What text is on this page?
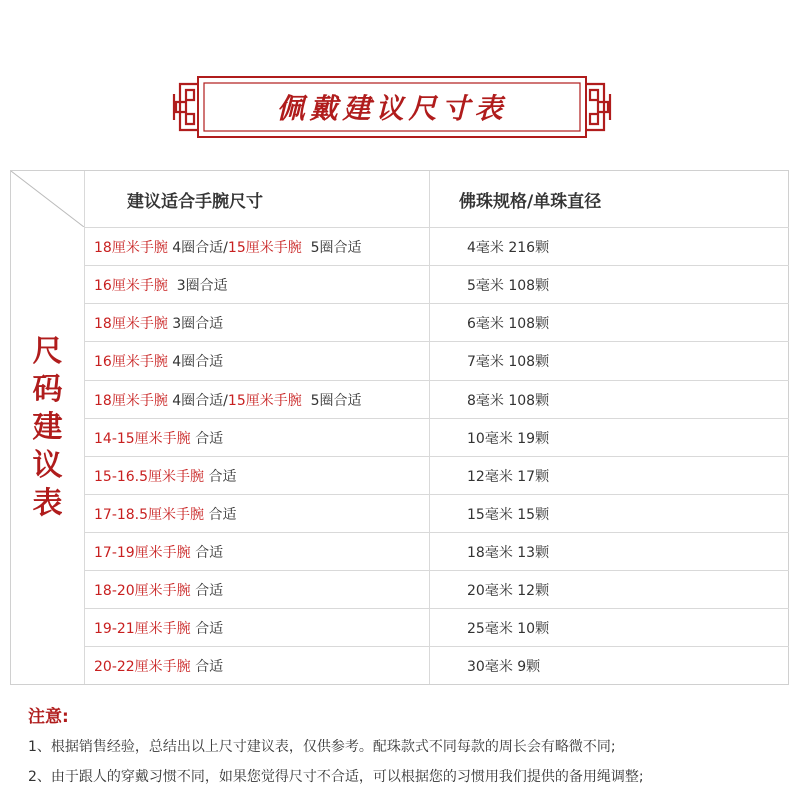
佩戴建议尺寸表
尺
码
建
议
表
建议适合手腕尺寸	佛珠规格/单珠直径
18厘米手腕 4圈合适/ 15厘米手腕 5圈合适	4毫米 216颗
16厘米手腕 3圈合适	5毫米 108颗
18厘米手腕 3圈合适	6毫米 108颗
16厘米手腕 4圈合适	7毫米 108颗
18厘米手腕 4圈合适/ 15厘米手腕 5圈合适	8毫米 108颗
14-15厘米手腕 合适	10毫米 19颗
15-16.5厘米手腕 合适	12毫米 17颗
17-18.5厘米手腕 合适	15毫米 15颗
17-19厘米手腕 合适	18毫米 13颗
18-20厘米手腕 合适	20毫米 12颗
19-21厘米手腕 合适	25毫米 10颗
20-22厘米手腕 合适	30毫米 9颗
注意:
1、根据销售经验，总结出以上尺寸建议表，仅供参考。配珠款式不同每款的周长会有略微不同;
2、由于跟人的穿戴习惯不同，如果您觉得尺寸不合适，可以根据您的习惯用我们提供的备用绳调整;
